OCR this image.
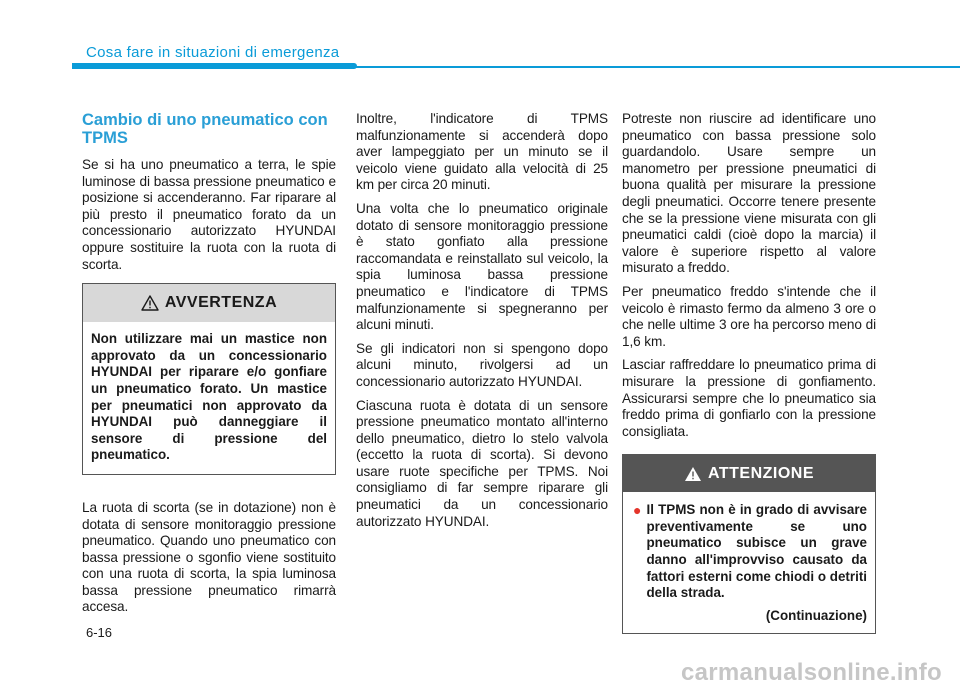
Cosa fare in situazioni di emergenza
Cambio di uno pneumatico con TPMS

Se si ha uno pneumatico a terra, le spie luminose di bassa pressione pneumatico e posizione si accenderanno. Far riparare al più presto il pneumatico forato da un concessionario autorizzato HYUNDAI oppure sostituire la ruota con la ruota di scorta.

AVVERTENZA

Non utilizzare mai un mastice non approvato da un concessionario HYUNDAI per riparare e/o gonfiare un pneumatico forato. Un mastice per pneumatici non approvato da HYUNDAI può danneggiare il sensore di pressione del pneumatico.

La ruota di scorta (se in dotazione) non è dotata di sensore monitoraggio pressione pneumatico. Quando uno pneumatico con bassa pressione o sgonfio viene sostituito con una ruota di scorta, la spia luminosa bassa pressione pneumatico rimarrà accesa.

Inoltre, l'indicatore di TPMS malfunzionamente si accenderà dopo aver lampeggiato per un minuto se il veicolo viene guidato alla velocità di 25 km per circa 20 minuti.

Una volta che lo pneumatico originale dotato di sensore monitoraggio pressione è stato gonfiato alla pressione raccomandata e reinstallato sul veicolo, la spia luminosa bassa pressione pneumatico e l'indicatore di TPMS malfunzionamente si spegneranno per alcuni minuti.

Se gli indicatori non si spengono dopo alcuni minuto, rivolgersi ad un concessionario autorizzato HYUNDAI.

Ciascuna ruota è dotata di un sensore pressione pneumatico montato all'interno dello pneumatico, dietro lo stelo valvola (eccetto la ruota di scorta). Si devono usare ruote specifiche per TPMS. Noi consigliamo di far sempre riparare gli pneumatici da un concessionario autorizzato HYUNDAI.

Potreste non riuscire ad identificare uno pneumatico con bassa pressione solo guardandolo. Usare sempre un manometro per pressione pneumatici di buona qualità per misurare la pressione degli pneumatici. Occorre tenere presente che se la pressione viene misurata con gli pneumatici caldi (cioè dopo la marcia) il valore è superiore rispetto al valore misurato a freddo.

Per pneumatico freddo s'intende che il veicolo è rimasto fermo da almeno 3 ore o che nelle ultime 3 ore ha percorso meno di 1,6 km.

Lasciar raffreddare lo pneumatico prima di misurare la pressione di gonfiamento. Assicurarsi sempre che lo pneumatico sia freddo prima di gonfiarlo con la pressione consigliata.

ATTENZIONE
● Il TPMS non è in grado di avvisare preventivamente se uno pneumatico subisce un grave danno all'improvviso causato da fattori esterni come chiodi o detriti della strada.
(Continuazione)
6-16
carmanualsonline.info
